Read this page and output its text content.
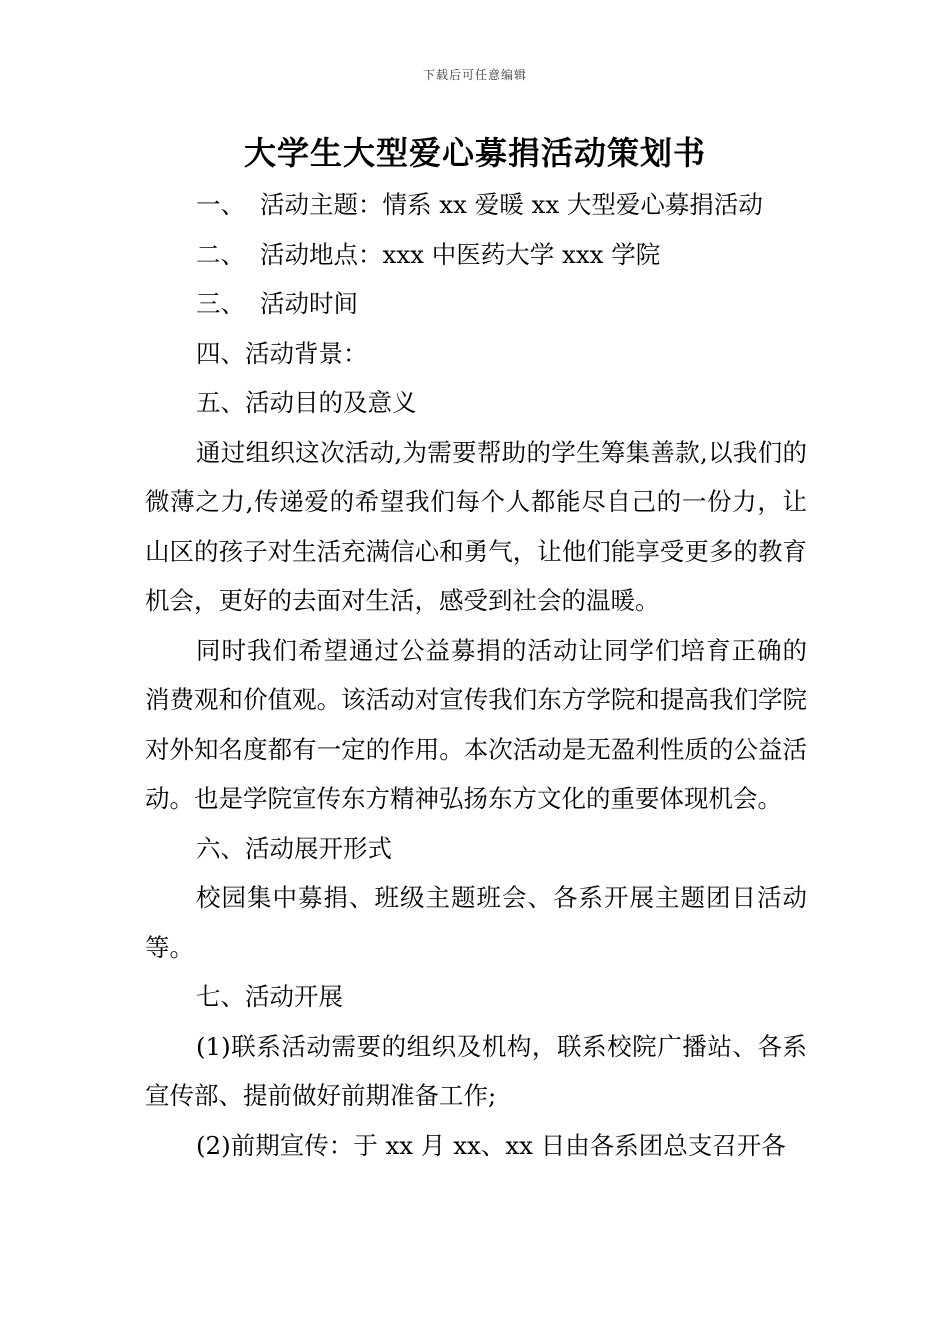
下载后可任意编辑
大学生大型爱心募捐活动策划书

一、 活动主题：情系 xx 爱暖 xx 大型爱心募捐活动

二、 活动地点：xxx 中医药大学 xxx 学院

三、 活动时间

四、活动背景：

五、活动目的及意义

通过组织这次活动,为需要帮助的学生筹集善款,以我们的微薄之力,传递爱的希望我们每个人都能尽自己的一份力，让山区的孩子对生活充满信心和勇气，让他们能享受更多的教育机会，更好的去面对生活，感受到社会的温暖。

同时我们希望通过公益募捐的活动让同学们培育正确的消费观和价值观。该活动对宣传我们东方学院和提高我们学院对外知名度都有一定的作用。本次活动是无盈利性质的公益活动。也是学院宣传东方精神弘扬东方文化的重要体现机会。

六、活动展开形式

校园集中募捐、班级主题班会、各系开展主题团日活动等。

七、活动开展

(1)联系活动需要的组织及机构，联系校院广播站、各系宣传部、提前做好前期准备工作;

(2)前期宣传：于 xx 月 xx、xx 日由各系团总支召开各
